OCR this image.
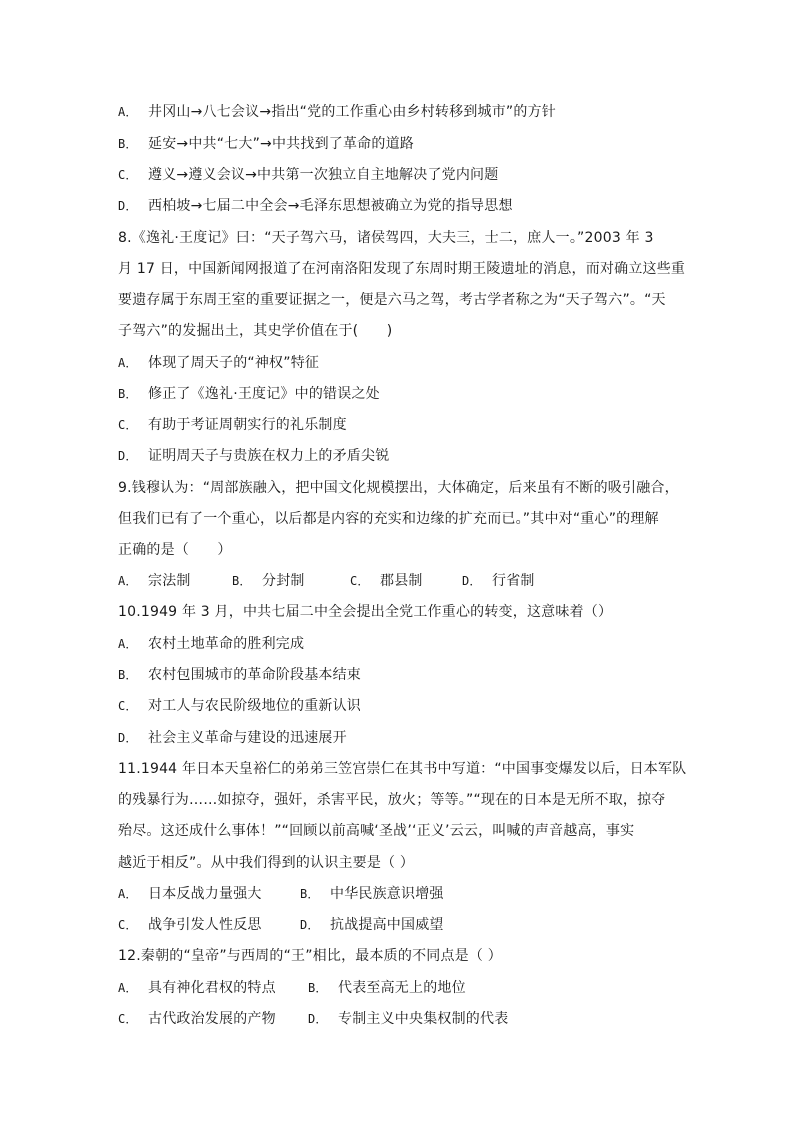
A． 井冈山→八七会议→指出“党的工作重心由乡村转移到城市”的方针
B． 延安→中共“七大”→中共找到了革命的道路
C． 遵义→遵义会议→中共第一次独立自主地解决了党内问题
D． 西柏坡→七届二中全会→毛泽东思想被确立为党的指导思想
8.《逸礼·王度记》曰：“天子驾六马，诸侯驾四，大夫三，士二，庶人一。”2003 年 3
月 17 日，中国新闻网报道了在河南洛阳发现了东周时期王陵遗址的消息，而对确立这些重
要遗存属于东周王室的重要证据之一，便是六马之驾，考古学者称之为“天子驾六”。“天
子驾六”的发掘出土，其史学价值在于(　　)
A． 体现了周天子的“神权”特征
B． 修正了《逸礼·王度记》中的错误之处
C． 有助于考证周朝实行的礼乐制度
D． 证明周天子与贵族在权力上的矛盾尖锐
9.钱穆认为：“周部族融入，把中国文化规模摆出，大体确定，后来虽有不断的吸引融合，
但我们已有了一个重心，以后都是内容的充实和边缘的扩充而已。”其中对“重心”的理解
正确的是（　　）
A． 宗法制	B． 分封制	C． 郡县制	D． 行省制
10.1949 年 3 月，中共七届二中全会提出全党工作重心的转变，这意味着（）
A． 农村土地革命的胜利完成
B． 农村包围城市的革命阶段基本结束
C． 对工人与农民阶级地位的重新认识
D． 社会主义革命与建设的迅速展开
11.1944 年日本天皇裕仁的弟弟三笠宫崇仁在其书中写道：“中国事变爆发以后，日本军队
的残暴行为……如掠夺，强奸，杀害平民，放火；等等。”“现在的日本是无所不取，掠夺
殆尽。这还成什么事体！”“回顾以前高喊‘圣战’‘正义’云云，叫喊的声音越高，事实
越近于相反”。从中我们得到的认识主要是（ ）
A． 日本反战力量强大	B． 中华民族意识增强
C． 战争引发人性反思	D． 抗战提高中国威望
12.秦朝的“皇帝”与西周的“王”相比，最本质的不同点是（ ）
A． 具有神化君权的特点	B． 代表至高无上的地位
C． 古代政治发展的产物	D． 专制主义中央集权制的代表
